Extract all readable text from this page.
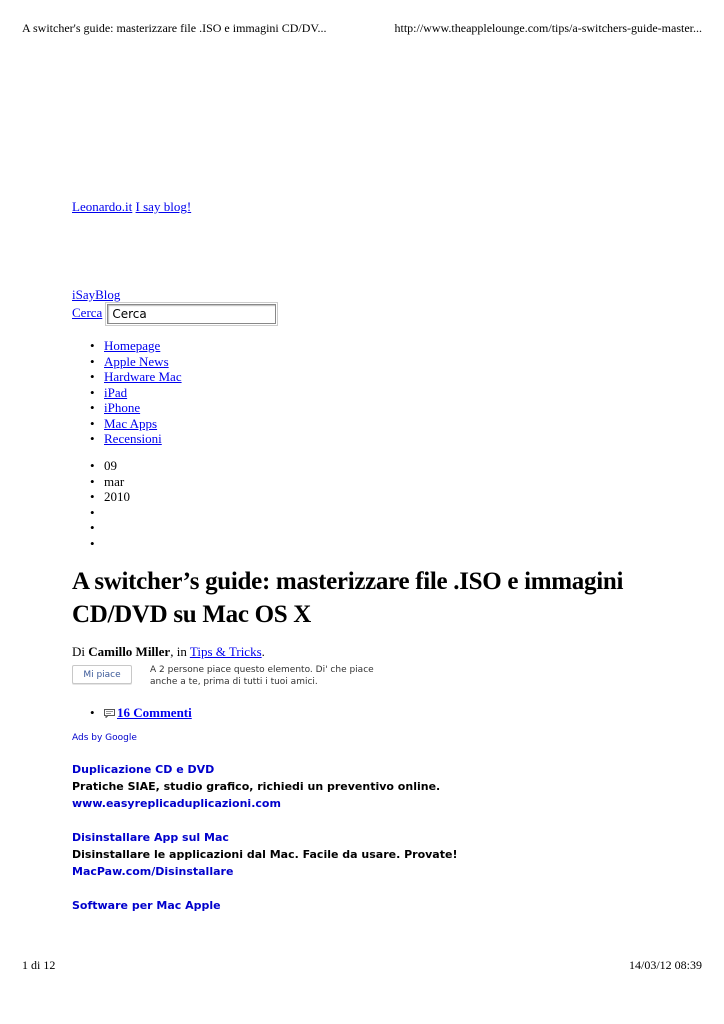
A switcher's guide: masterizzare file .ISO e immagini CD/DV...	http://www.theapplelounge.com/tips/a-switchers-guide-master...
Leonardo.it I say blog!
iSayBlog
Cerca
Cerca
• Homepage
• Apple News
• Hardware Mac
• iPad
• iPhone
• Mac Apps
• Recensioni
• 09
• mar
• 2010
•
•
•
A switcher’s guide: masterizzare file .ISO e immagini CD/DVD su Mac OS X
Di Camillo Miller, in Tips & Tricks.
Mi piace	A 2 persone piace questo elemento. Di' che piace
anche a te, prima di tutti i tuoi amici.
• 16 Commenti
Ads by Google
Duplicazione CD e DVD
Pratiche SIAE, studio grafico, richiedi un preventivo online.
www.easyreplicaduplicazioni.com
Disinstallare App sul Mac
Disinstallare le applicazioni dal Mac. Facile da usare. Provate!
MacPaw.com/Disinstallare
Software per Mac Apple
1 di 12	14/03/12 08:39
